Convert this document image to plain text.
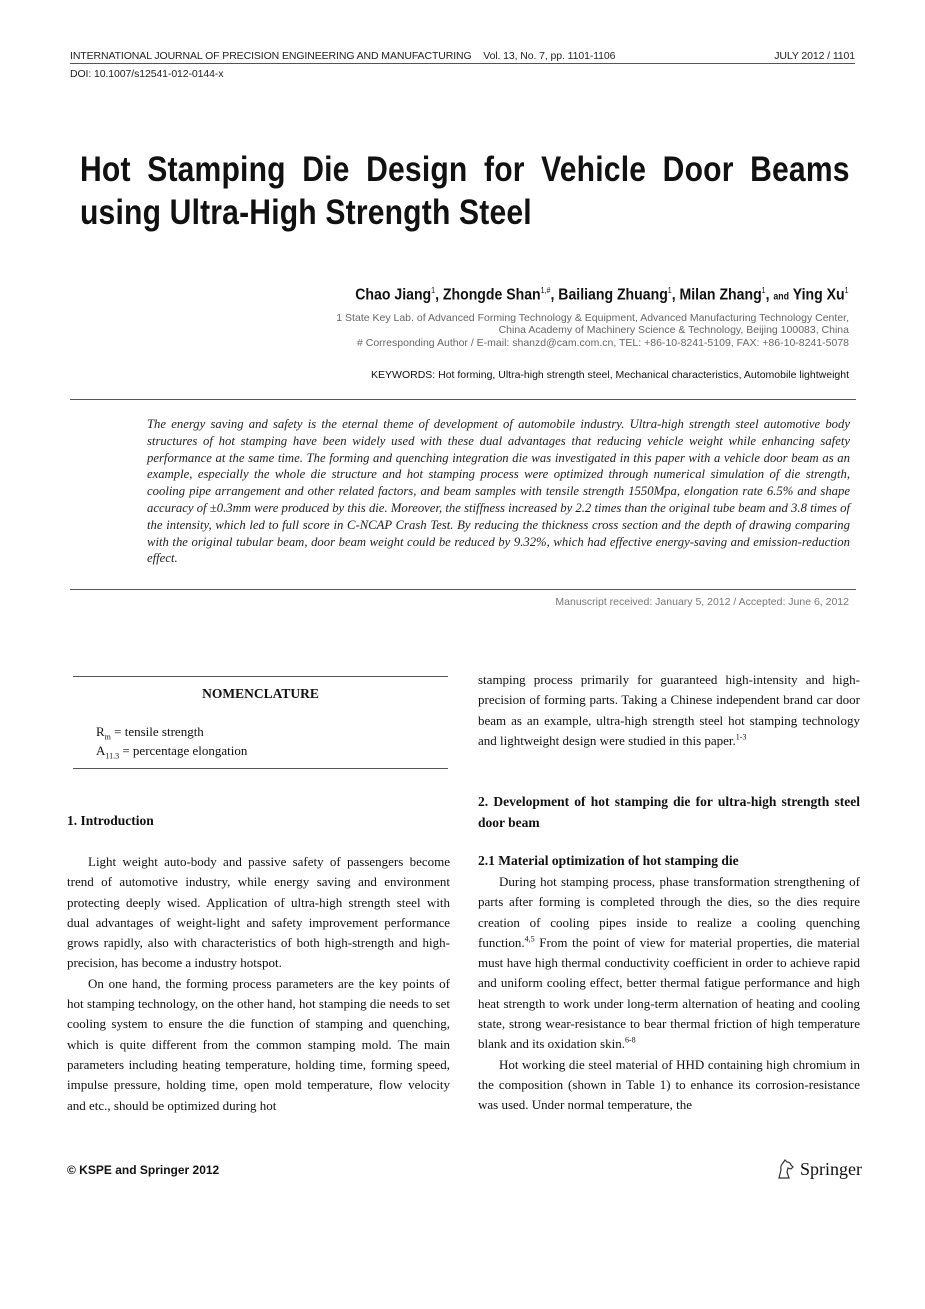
INTERNATIONAL JOURNAL OF PRECISION ENGINEERING AND MANUFACTURING Vol. 13, No. 7, pp. 1101-1106	JULY 2012 / 1101
DOI: 10.1007/s12541-012-0144-x
Hot Stamping Die Design for Vehicle Door Beams using Ultra-High Strength Steel
Chao Jiang$^1$, Zhongde Shan$^{1,\#}$, Bailiang Zhuang$^1$, Milan Zhang$^1$, and Ying Xu$^1$
1 State Key Lab. of Advanced Forming Technology & Equipment, Advanced Manufacturing Technology Center,
China Academy of Machinery Science & Technology, Beijing 100083, China
# Corresponding Author / E-mail: shanzd@cam.com.cn, TEL: +86-10-8241-5109, FAX: +86-10-8241-5078
KEYWORDS: Hot forming, Ultra-high strength steel, Mechanical characteristics, Automobile lightweight
The energy saving and safety is the eternal theme of development of automobile industry. Ultra-high strength steel automotive body structures of hot stamping have been widely used with these dual advantages that reducing vehicle weight while enhancing safety performance at the same time. The forming and quenching integration die was investigated in this paper with a vehicle door beam as an example, especially the whole die structure and hot stamping process were optimized through numerical simulation of die strength, cooling pipe arrangement and other related factors, and beam samples with tensile strength 1550Mpa, elongation rate 6.5% and shape accuracy of ±0.3mm were produced by this die. Moreover, the stiffness increased by 2.2 times than the original tube beam and 3.8 times of the intensity, which led to full score in C-NCAP Crash Test. By reducing the thickness cross section and the depth of drawing comparing with the original tubular beam, door beam weight could be reduced by 9.32%, which had effective energy-saving and emission-reduction effect.
Manuscript received: January 5, 2012 / Accepted: June 6, 2012
NOMENCLATURE
$R_m$ = tensile strength
$A_{11.3}$ = percentage elongation
1. Introduction

Light weight auto-body and passive safety of passengers become trend of automotive industry, while energy saving and environment protecting deeply wised. Application of ultra-high strength steel with dual advantages of weight-light and safety improvement performance grows rapidly, also with characteristics of both high-strength and high-precision, has become a industry hotspot.

On one hand, the forming process parameters are the key points of hot stamping technology, on the other hand, hot stamping die needs to set cooling system to ensure the die function of stamping and quenching, which is quite different from the common stamping mold. The main parameters including heating temperature, holding time, forming speed, impulse pressure, holding time, open mold temperature, flow velocity and etc., should be optimized during hot

stamping process primarily for guaranteed high-intensity and high-precision of forming parts. Taking a Chinese independent brand car door beam as an example, ultra-high strength steel hot stamping technology and lightweight design were studied in this paper.$^{1-3}$

2. Development of hot stamping die for ultra-high strength steel door beam
2.1 Material optimization of hot stamping die

During hot stamping process, phase transformation strengthening of parts after forming is completed through the dies, so the dies require creation of cooling pipes inside to realize a cooling quenching function.$^{4,5}$ From the point of view for material properties, die material must have high thermal conductivity coefficient in order to achieve rapid and uniform cooling effect, better thermal fatigue performance and high heat strength to work under long-term alternation of heating and cooling state, strong wear-resistance to bear thermal friction of high temperature blank and its oxidation skin.$^{6-8}$

Hot working die steel material of HHD containing high chromium in the composition (shown in Table 1) to enhance its corrosion-resistance was used. Under normal temperature, the

© KSPE and Springer 2012	Springer
